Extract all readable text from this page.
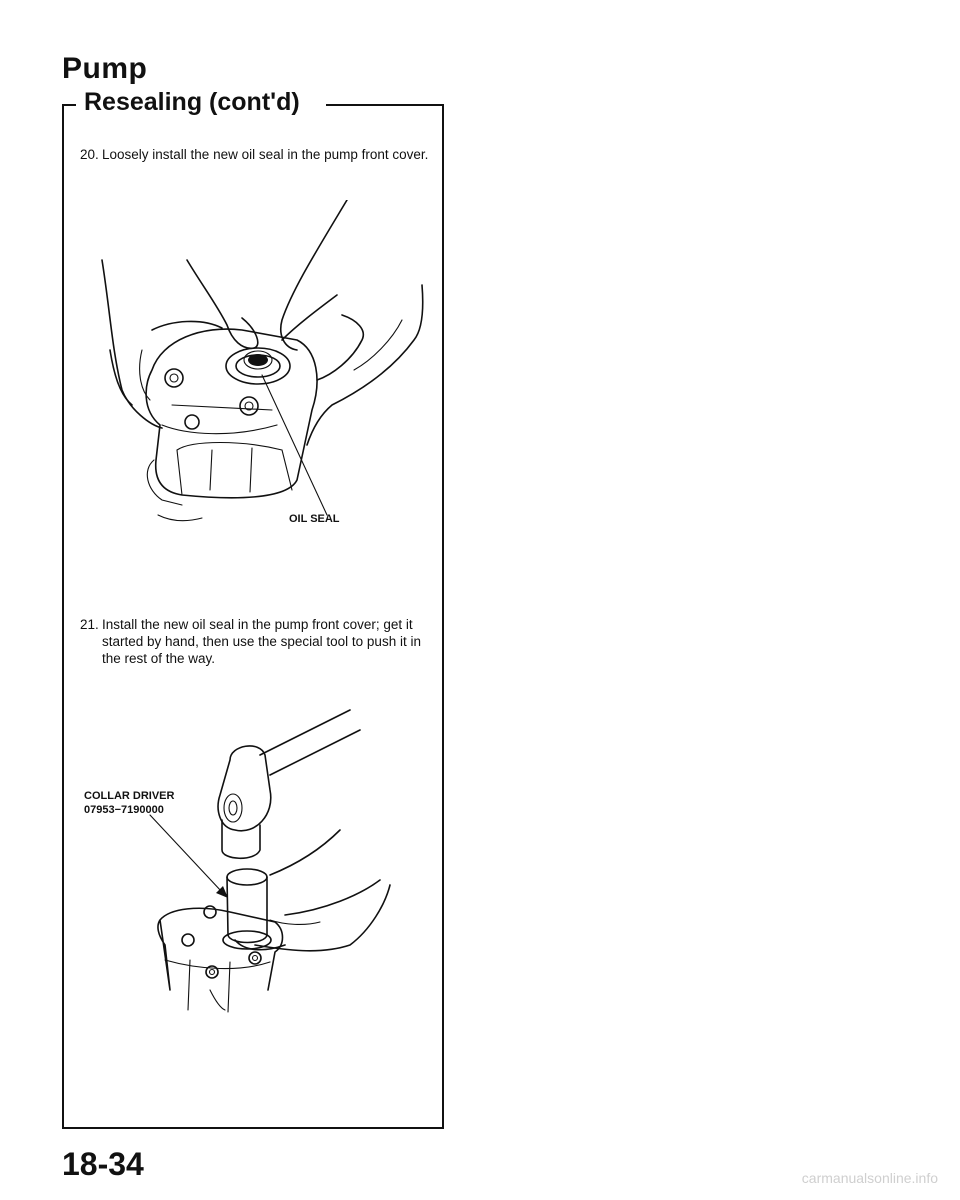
Pump
Resealing (cont'd)
20. Loosely install the new oil seal in the pump front cover.
OIL SEAL
21. Install the new oil seal in the pump front cover; get it started by hand, then use the special tool to push it in the rest of the way.
COLLAR DRIVER
07953−7190000
18-34	carmanualsonline.info
